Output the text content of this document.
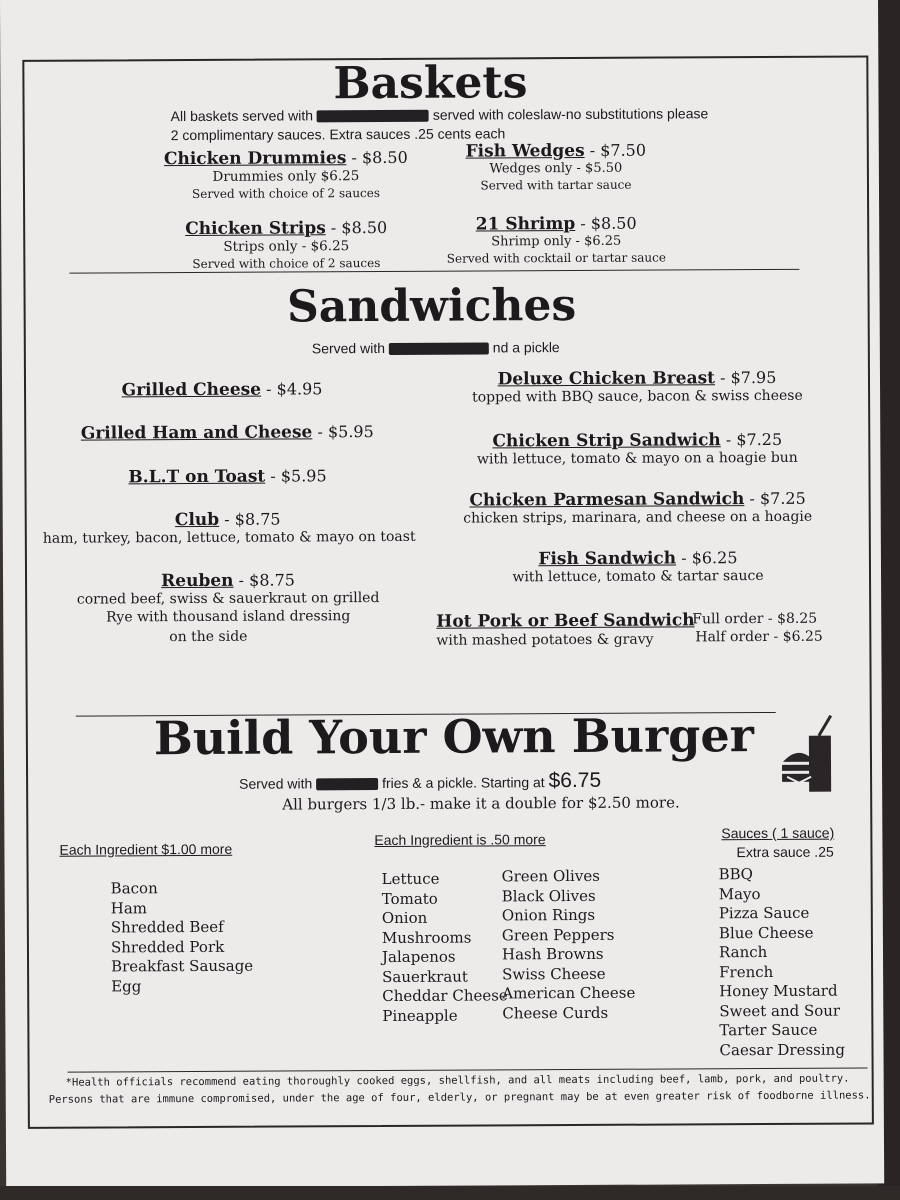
Baskets
All baskets served with	served with coleslaw-no substitutions please
2 complimentary sauces. Extra sauces .25 cents each
Chicken Drummies - $8.50
Drummies only $6.25
Served with choice of 2 sauces
Chicken Strips - $8.50
Strips only - $6.25
Served with choice of 2 sauces
Fish Wedges - $7.50
Wedges only - $5.50
Served with tartar sauce
21 Shrimp - $8.50
Shrimp only - $6.25
Served with cocktail or tartar sauce
Sandwiches
Served with	nd a pickle
Grilled Cheese - $4.95
Grilled Ham and Cheese - $5.95
B.L.T on Toast - $5.95
Club - $8.75
ham, turkey, bacon, lettuce, tomato & mayo on toast
Reuben - $8.75
corned beef, swiss & sauerkraut on grilled
Rye with thousand island dressing
on the side
Deluxe Chicken Breast - $7.95
topped with BBQ sauce, bacon & swiss cheese
Chicken Strip Sandwich - $7.25
with lettuce, tomato & mayo on a hoagie bun
Chicken Parmesan Sandwich - $7.25
chicken strips, marinara, and cheese on a hoagie
Fish Sandwich - $6.25
with lettuce, tomato & tartar sauce
Hot Pork or Beef Sandwich
with mashed potatoes & gravy
Full order - $8.25
Half order - $6.25
Build Your Own Burger
Served with	fries & a pickle. Starting at $6.75
All burgers 1/3 lb.- make it a double for $2.50 more.
Each Ingredient $1.00 more
Bacon
Ham
Shredded Beef
Shredded Pork
Breakfast Sausage
Egg
Each Ingredient is .50 more
Lettuce
Tomato
Onion
Mushrooms
Jalapenos
Sauerkraut
Cheddar Cheese
Pineapple
Green Olives
Black Olives
Onion Rings
Green Peppers
Hash Browns
Swiss Cheese
American Cheese
Cheese Curds
Sauces ( 1 sauce)
Extra sauce .25
BBQ
Mayo
Pizza Sauce
Blue Cheese
Ranch
French
Honey Mustard
Sweet and Sour
Tarter Sauce
Caesar Dressing
*Health officials recommend eating thoroughly cooked eggs, shellfish, and all meats including beef, lamb, pork, and poultry.
Persons that are immune compromised, under the age of four, elderly, or pregnant may be at even greater risk of foodborne illness.
